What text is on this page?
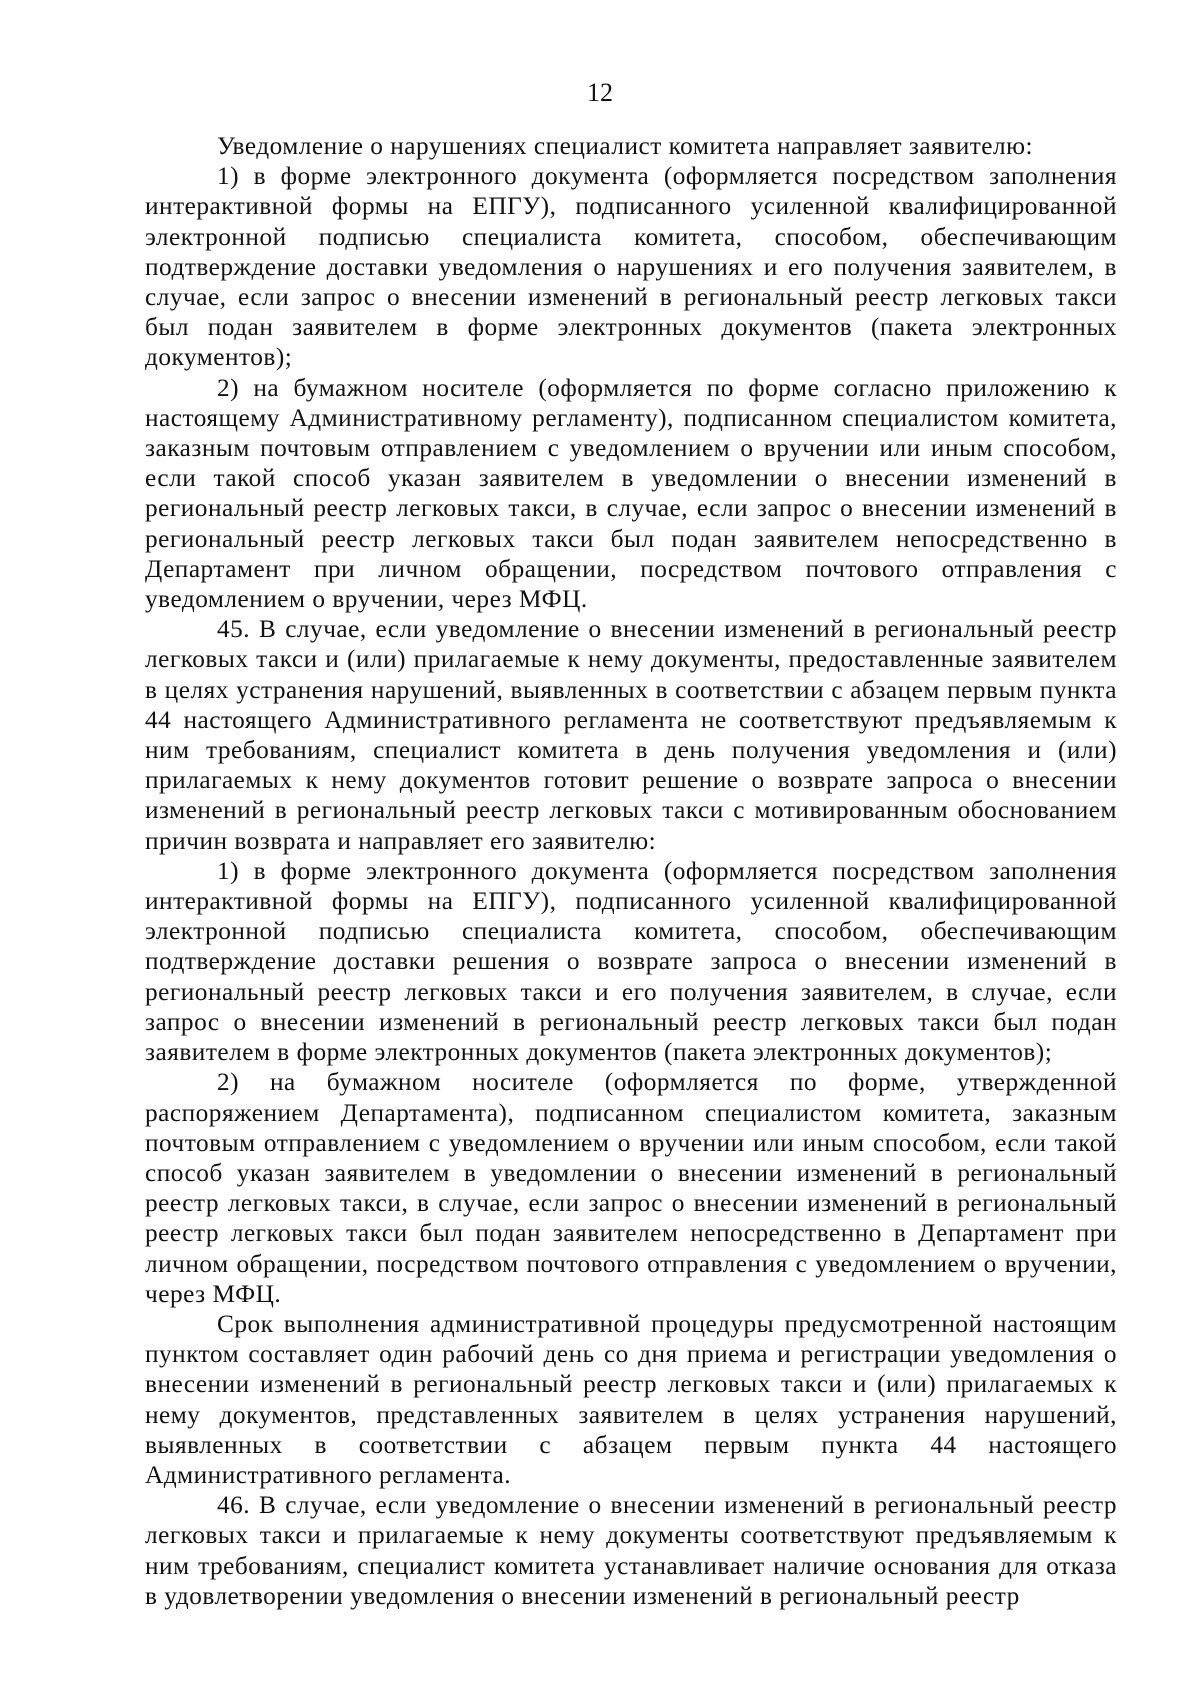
12

Уведомление о нарушениях специалист комитета направляет заявителю:

1) в форме электронного документа (оформляется посредством заполнения интерактивной формы на ЕПГУ), подписанного усиленной квалифицированной электронной подписью специалиста комитета, способом, обеспечивающим подтверждение доставки уведомления о нарушениях и его получения заявителем, в случае, если запрос о внесении изменений в региональный реестр легковых такси был подан заявителем в форме электронных документов (пакета электронных документов);

2) на бумажном носителе (оформляется по форме согласно приложению к настоящему Административному регламенту), подписанном специалистом комитета, заказным почтовым отправлением с уведомлением о вручении или иным способом, если такой способ указан заявителем в уведомлении о внесении изменений в региональный реестр легковых такси, в случае, если запрос о внесении изменений в региональный реестр легковых такси был подан заявителем непосредственно в Департамент при личном обращении, посредством почтового отправления с уведомлением о вручении, через МФЦ.

45. В случае, если уведомление о внесении изменений в региональный реестр легковых такси и (или) прилагаемые к нему документы, предоставленные заявителем в целях устранения нарушений, выявленных в соответствии с абзацем первым пункта 44 настоящего Административного регламента не соответствуют предъявляемым к ним требованиям, специалист комитета в день получения уведомления и (или) прилагаемых к нему документов готовит решение о возврате запроса о внесении изменений в региональный реестр легковых такси с мотивированным обоснованием причин возврата и направляет его заявителю:

1) в форме электронного документа (оформляется посредством заполнения интерактивной формы на ЕПГУ), подписанного усиленной квалифицированной электронной подписью специалиста комитета, способом, обеспечивающим подтверждение доставки решения о возврате запроса о внесении изменений в региональный реестр легковых такси и его получения заявителем, в случае, если запрос о внесении изменений в региональный реестр легковых такси был подан заявителем в форме электронных документов (пакета электронных документов);

2) на бумажном носителе (оформляется по форме, утвержденной распоряжением Департамента), подписанном специалистом комитета, заказным почтовым отправлением с уведомлением о вручении или иным способом, если такой способ указан заявителем в уведомлении о внесении изменений в региональный реестр легковых такси, в случае, если запрос о внесении изменений в региональный реестр легковых такси был подан заявителем непосредственно в Департамент при личном обращении, посредством почтового отправления с уведомлением о вручении, через МФЦ.

Срок выполнения административной процедуры предусмотренной настоящим пунктом составляет один рабочий день со дня приема и регистрации уведомления о внесении изменений в региональный реестр легковых такси и (или) прилагаемых к нему документов, представленных заявителем в целях устранения нарушений, выявленных в соответствии с абзацем первым пункта 44 настоящего Административного регламента.

46. В случае, если уведомление о внесении изменений в региональный реестр легковых такси и прилагаемые к нему документы соответствуют предъявляемым к ним требованиям, специалист комитета устанавливает наличие основания для отказа в удовлетворении уведомления о внесении изменений в региональный реестр
